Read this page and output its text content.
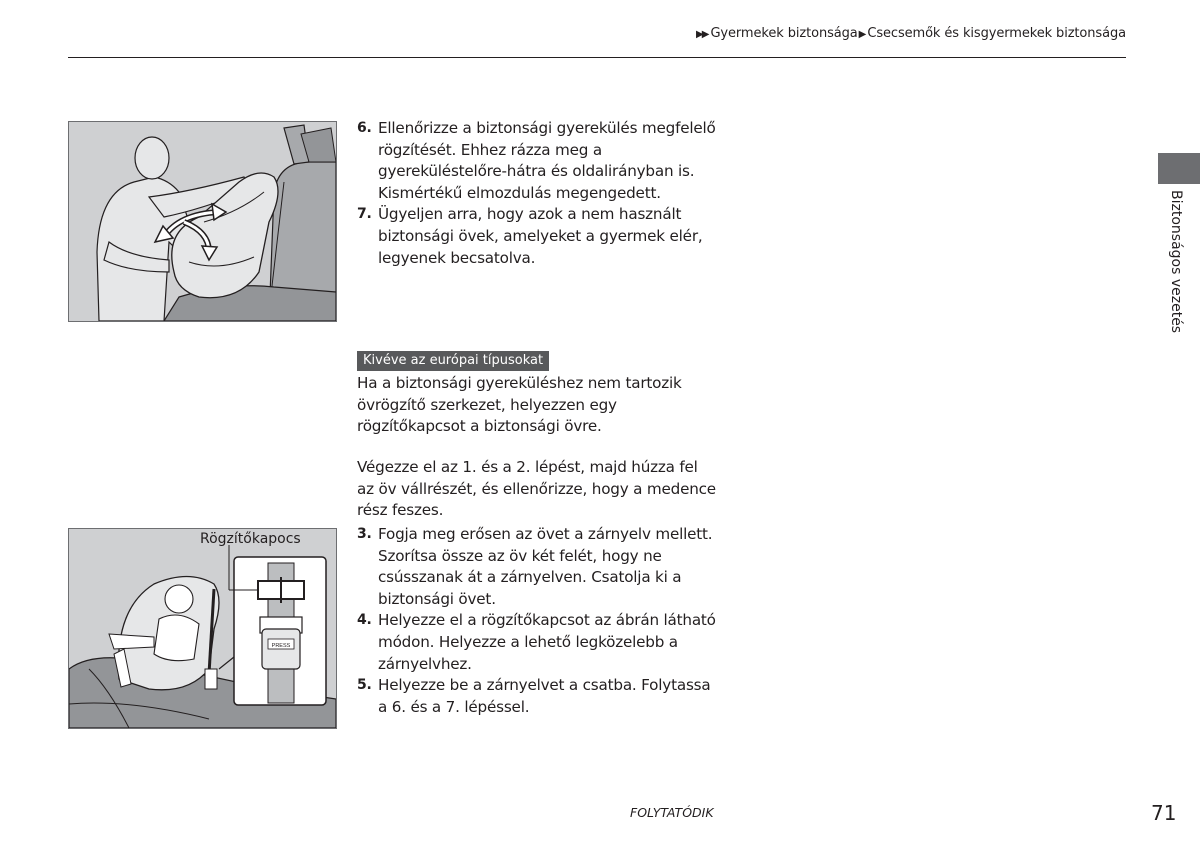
▶▶ Gyermekek biztonsága▶ Csecsemők és kisgyermekek biztonsága
Biztonságos vezetés
6. Ellenőrizze a biztonsági gyerekülés megfelelő rögzítését. Ehhez rázza meg a gyereküléstelőre-hátra és oldalirányban is. Kismértékű elmozdulás megengedett.
7. Ügyeljen arra, hogy azok a nem használt biztonsági övek, amelyeket a gyermek elér, legyenek becsatolva.
Kivéve az európai típusokat
Ha a biztonsági gyereküléshez nem tartozik övrögzítő szerkezet, helyezzen egy rögzítőkapcsot a biztonsági övre.
Végezze el az 1. és a 2. lépést, majd húzza fel az öv vállrészét, és ellenőrizze, hogy a medence rész feszes.
PRESS
Rögzítőkapocs	3. Fogja meg erősen az övet a zárnyelv mellett. Szorítsa össze az öv két felét, hogy ne csússzanak át a zárnyelven. Csatolja ki a biztonsági övet.
4. Helyezze el a rögzítőkapcsot az ábrán látható módon. Helyezze a lehető legközelebb a zárnyelvhez.
5. Helyezze be a zárnyelvet a csatba. Folytassa a 6. és a 7. lépéssel.
FOLYTATÓDIK	71
